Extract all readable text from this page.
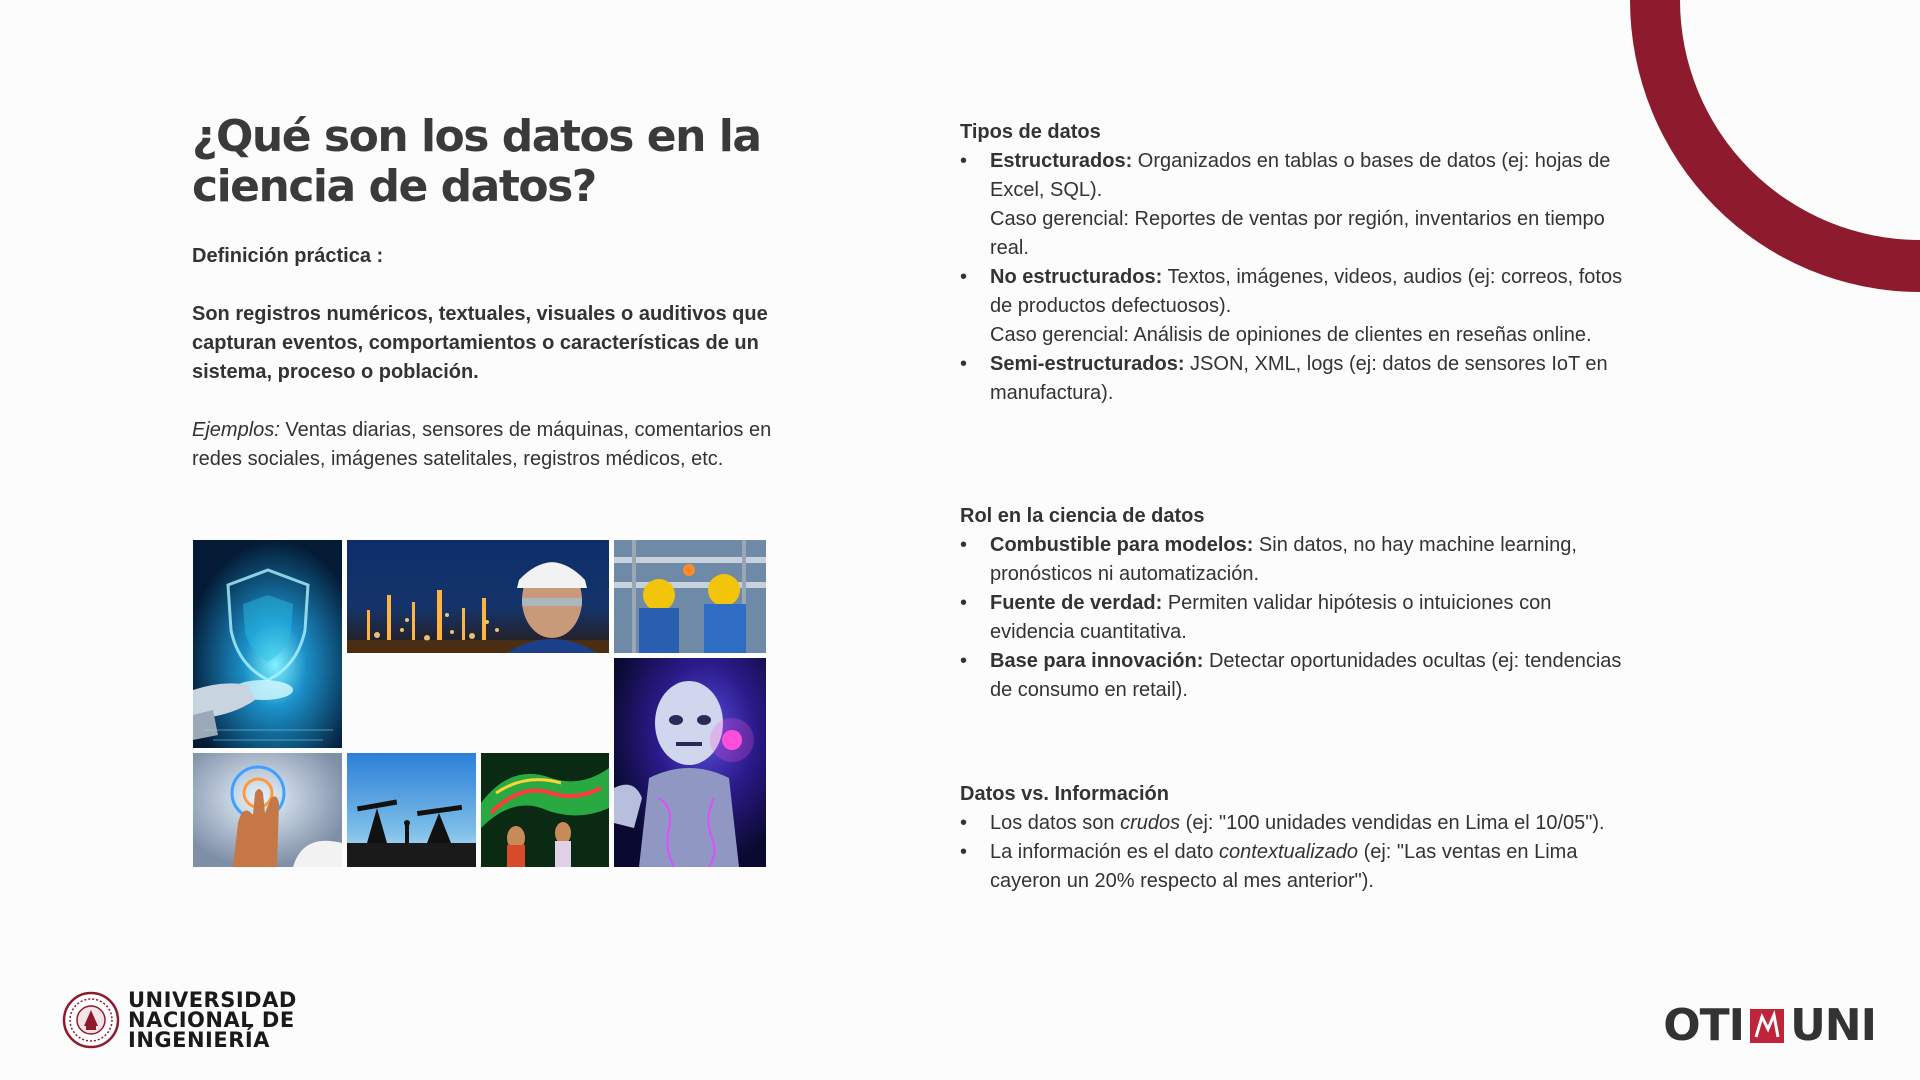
¿Qué son los datos en la ciencia de datos?

Definición práctica :

Son registros numéricos, textuales, visuales o auditivos que capturan eventos, comportamientos o características de un sistema, proceso o población.

Ejemplos: Ventas diarias, sensores de máquinas, comentarios en redes sociales, imágenes satelitales, registros médicos, etc.

Tipos de datos

• Estructurados: Organizados en tablas o bases de datos (ej: hojas de Excel, SQL).
Caso gerencial: Reportes de ventas por región, inventarios en tiempo real.
• No estructurados: Textos, imágenes, videos, audios (ej: correos, fotos de productos defectuosos).
Caso gerencial: Análisis de opiniones de clientes en reseñas online.
• Semi-estructurados: JSON, XML, logs (ej: datos de sensores IoT en manufactura).

Rol en la ciencia de datos

• Combustible para modelos: Sin datos, no hay machine learning, pronósticos ni automatización.
• Fuente de verdad: Permiten validar hipótesis o intuiciones con evidencia cuantitativa.
• Base para innovación: Detectar oportunidades ocultas (ej: tendencias de consumo en retail).

Datos vs. Información

• Los datos son crudos (ej: "100 unidades vendidas en Lima el 10/05").
• La información es el dato contextualizado (ej: "Las ventas en Lima cayeron un 20% respecto al mes anterior").
UNIVERSIDAD
NACIONAL DE
INGENIERÍA	OTI UNI
